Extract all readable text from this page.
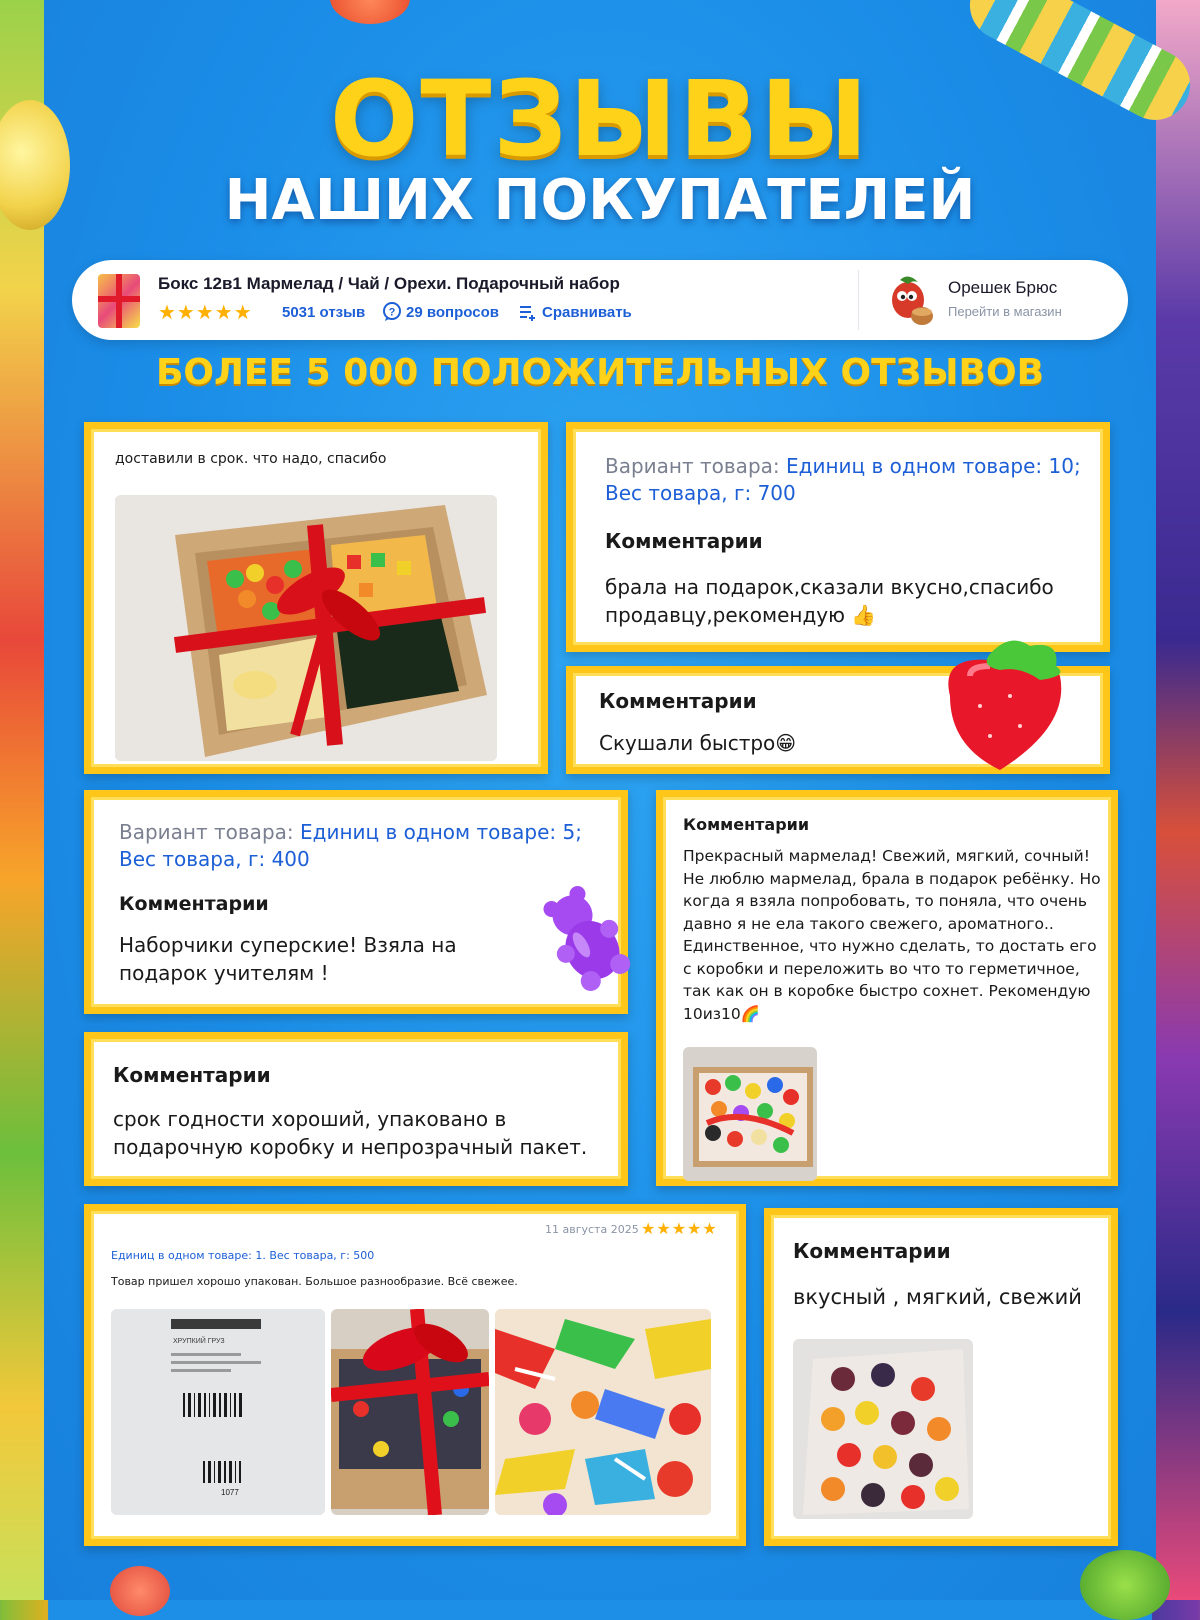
ОТЗЫВЫ
НАШИХ ПОКУПАТЕЛЕЙ
Бокс 12в1 Мармелад / Чай / Орехи. Подарочный набор
★★★★★ 5031 отзыв ? 29 вопросов	Сравнивать
Орешек Брюс
Перейти в магазин
БОЛЕЕ 5 000 ПОЛОЖИТЕЛЬНЫХ ОТЗЫВОВ
доставили в срок. что надо, спасибо	Вариант товара: Единиц в одном товаре: 10; Вес товара, г: 700
Комментарии
брала на подарок,сказали вкусно,спасибо продавцу,рекомендую 👍
Комментарии
Скушали быстро😁
Вариант товара: Единиц в одном товаре: 5; Вес товара, г: 400
Комментарии
Наборчики суперские! Взяла на подарок учителям !
Комментарии
Прекрасный мармелад! Свежий, мягкий, сочный! Не люблю мармелад, брала в подарок ребёнку. Но когда я взяла попробовать, то поняла, что очень давно я не ела такого свежего, ароматного.. Единственное, что нужно сделать, то достать его с коробки и переложить во что то герметичное, так как он в коробке быстро сохнет. Рекомендую 10из10🌈
Комментарии
срок годности хороший, упаковано в подарочную коробку и непрозрачный пакет.
11 августа 2025 ★★★★★
Единиц в одном товаре: 1. Вес товара, г: 500
Товар пришел хорошо упакован. Большое разнообразие. Всё свежее.
ХРУПКИЙ ГРУЗ
1077
Комментарии
вкусный , мягкий, свежий
